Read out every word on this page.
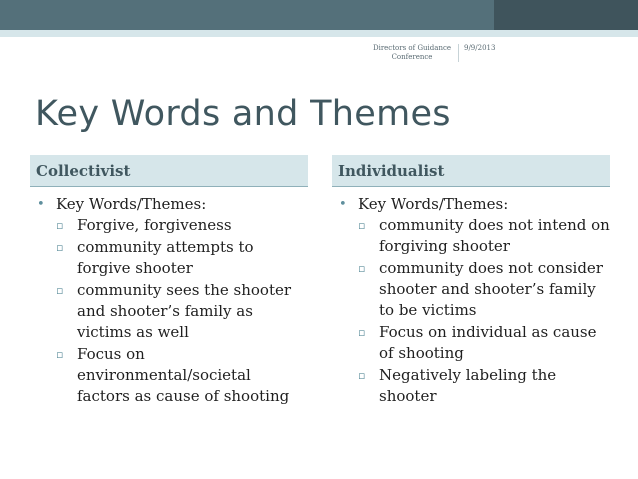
Directors of Guidance Conference
9/9/2013
Key Words and Themes
Collectivist	Individualist
• Key Words/Themes:
▫ Forgive, forgiveness
▫ community attempts to forgive shooter
▫ community sees the shooter and shooter’s family as victims as well
▫ Focus on environmental/societal factors as cause of shooting
• Key Words/Themes:
▫ community does not intend on forgiving shooter
▫ community does not consider shooter and shooter’s family to be victims
▫ Focus on individual as cause of shooting
▫ Negatively labeling the shooter
